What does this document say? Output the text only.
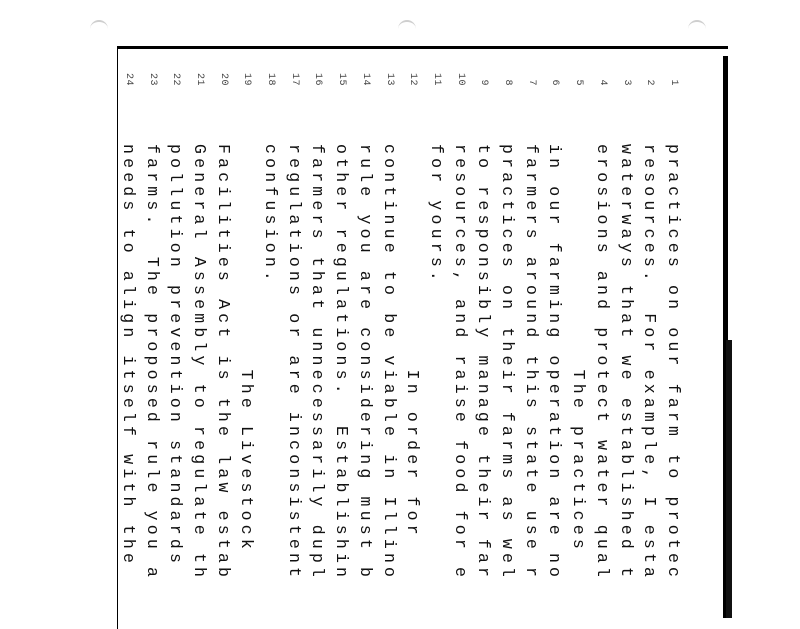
1
practices on our farm to protec
2
resources.  For example, I esta
3
waterways that we established t
4
erosions and protect water qual
5
The practices
6
in our farming operation are no
7
farmers around this state use r
8
practices on their farms as wel
9
to responsibly manage their far
10
resources, and raise food for e
11
for yours.
12
In order for
13
continue to be viable in Illino
14
rule you are considering must b
15
other regulations.  Establishin
16
farmers that unnecessarily dupl
17
regulations or are inconsistent
18
confusion.
19
The Livestock
20
Facilities Act is the law estab
21
General Assembly to regulate th
22
pollution prevention standards
23
farms.  The proposed rule you a
24
needs to align itself with the
